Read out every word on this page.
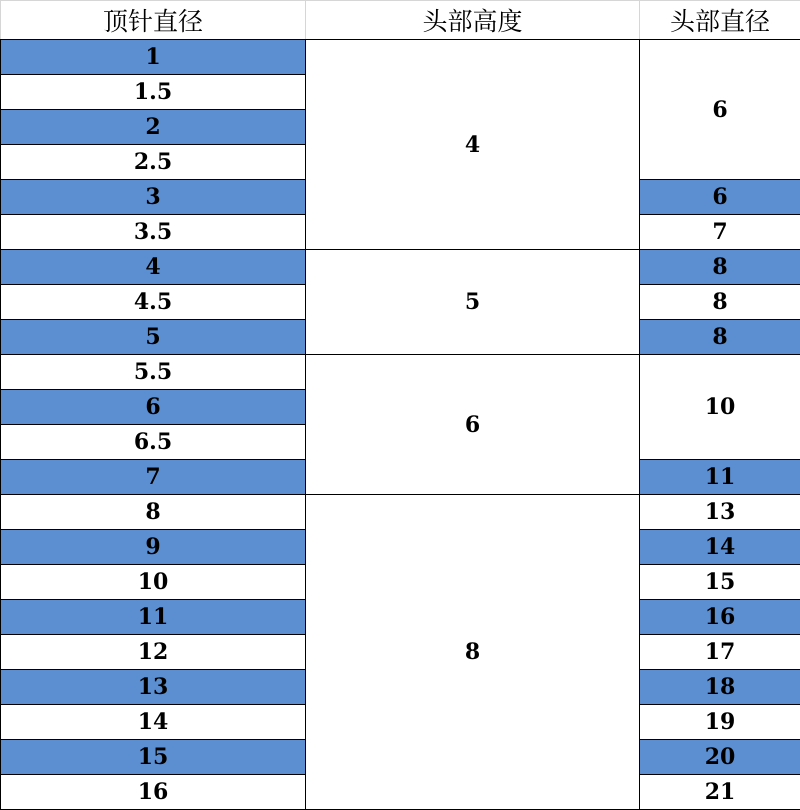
顶针直径	头部高度	头部直径
1	4	6
1.5		
2		
2.5		
3		6
3.5		7
4	5	8
4.5		8
5		8
5.5	6	10
6		
6.5		
7		11
8	8	13
9		14
10		15
11		16
12		17
13		18
14		19
15		20
16		21
